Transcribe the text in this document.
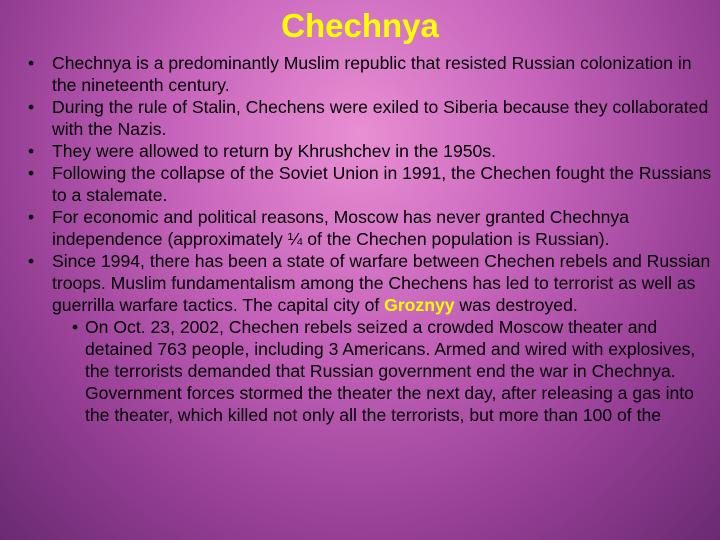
Chechnya
• Chechnya is a predominantly Muslim republic that resisted Russian colonization in the nineteenth century.
• During the rule of Stalin, Chechens were exiled to Siberia because they collaborated with the Nazis.
• They were allowed to return by Khrushchev in the 1950s.
• Following the collapse of the Soviet Union in 1991, the Chechen fought the Russians to a stalemate.
• For economic and political reasons, Moscow has never granted Chechnya independence (approximately ¼ of the Chechen population is Russian).
• Since 1994, there has been a state of warfare between Chechen rebels and Russian troops. Muslim fundamentalism among the Chechens has led to terrorist as well as guerrilla warfare tactics. The capital city of Groznyy was destroyed.
• On Oct. 23, 2002, Chechen rebels seized a crowded Moscow theater and detained 763 people, including 3 Americans. Armed and wired with explosives, the terrorists demanded that Russian government end the war in Chechnya. Government forces stormed the theater the next day, after releasing a gas into the theater, which killed not only all the terrorists, but more than 100 of the
